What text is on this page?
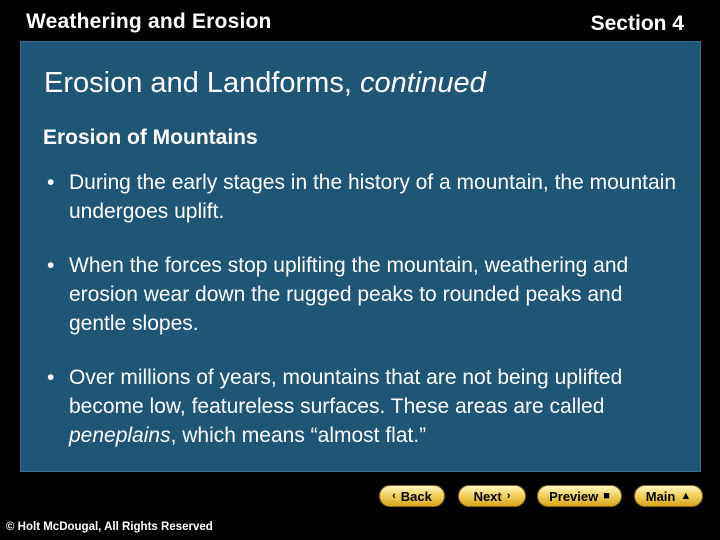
Weathering and Erosion	Section 4
Erosion and Landforms, continued
Erosion of Mountains
• During the early stages in the history of a mountain, the mountain undergoes uplift.
• When the forces stop uplifting the mountain, weathering and erosion wear down the rugged peaks to rounded peaks and gentle slopes.
• Over millions of years, mountains that are not being uplifted become low, featureless surfaces. These areas are called peneplains, which means “almost flat.”
‹ Back	Next ›	Preview ■	Main ▲
© Holt McDougal, All Rights Reserved
